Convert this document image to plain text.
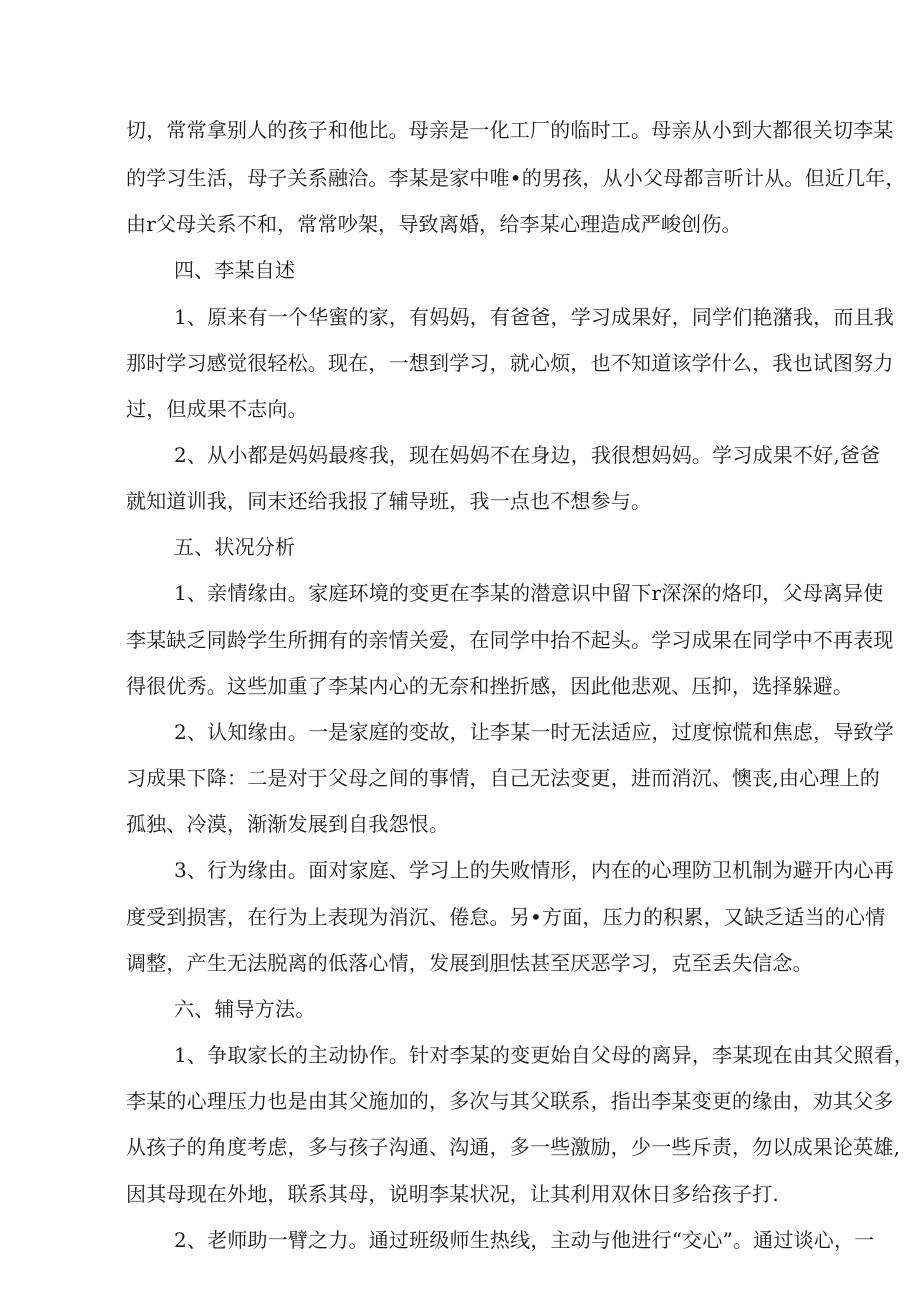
切，常常拿别人的孩子和他比。母亲是一化工厂的临时工。母亲从小到大都很关切李某
的学习生活，母子关系融洽。李某是家中唯•的男孩，从小父母都言听计从。但近几年，
由r父母关系不和，常常吵架，导致离婚，给李某心理造成严峻创伤。
四、李某自述
1、原来有一个华蜜的家，有妈妈，有爸爸，学习成果好，同学们艳潴我，而且我
那时学习感觉很轻松。现在，一想到学习，就心烦，也不知道该学什么，我也试图努力
过，但成果不志向。
2、从小都是妈妈最疼我，现在妈妈不在身边，我很想妈妈。学习成果不好,爸爸
就知道训我，同末还给我报了辅导班，我一点也不想参与。
五、状况分析
1、亲情缘由。家庭环境的变更在李某的潜意识中留下r深深的烙印，父母离异使
李某缺乏同龄学生所拥有的亲情关爱，在同学中抬不起头。学习成果在同学中不再表现
得很优秀。这些加重了李某内心的无奈和挫折感，因此他悲观、压抑，选择躲避。
2、认知缘由。一是家庭的变故，让李某一时无法适应，过度惊慌和焦虑，导致学
习成果下降：二是对于父母之间的事情，自己无法变更，进而消沉、懊丧,由心理上的
孤独、冷漠，渐渐发展到自我怨恨。
3、行为缘由。面对家庭、学习上的失败情形，内在的心理防卫机制为避开内心再
度受到损害，在行为上表现为消沉、倦怠。另•方面，压力的积累，又缺乏适当的心情
调整，产生无法脱离的低落心情，发展到胆怯甚至厌恶学习，克至丢失信念。
六、辅导方法。
1、争取家长的主动协作。针对李某的变更始自父母的离异，李某现在由其父照看，
李某的心理压力也是由其父施加的，多次与其父联系，指出李某变更的缘由，劝其父多
从孩子的角度考虑，多与孩子沟通、沟通，多一些激励，少一些斥责，勿以成果论英雄,
因其母现在外地，联系其母，说明李某状况，让其利用双休日多给孩子打.
2、老师助一臂之力。通过班级师生热线，主动与他进行“交心”。通过谈心，一
